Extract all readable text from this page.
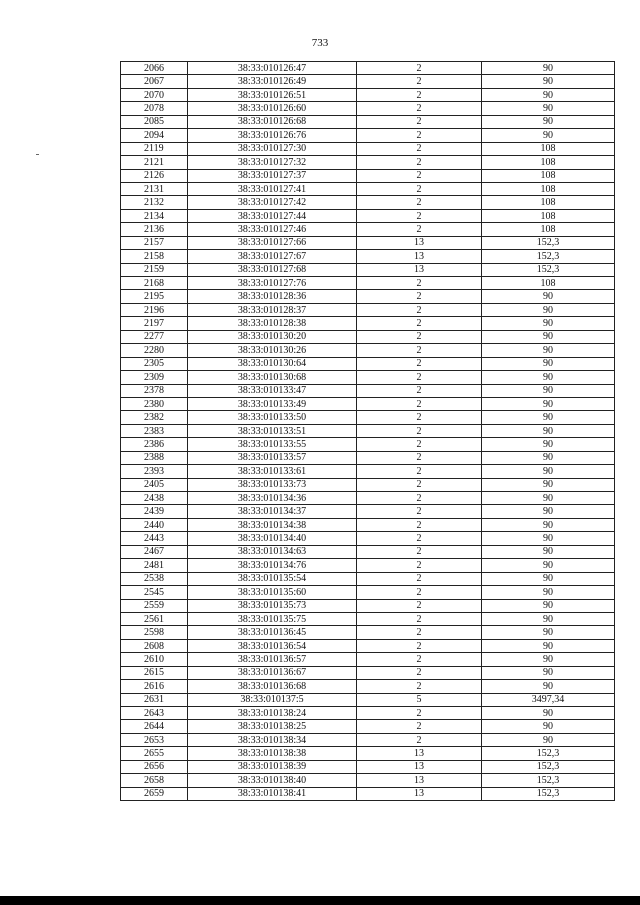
733
2066	38:33:010126:47	2	90
2067	38:33:010126:49	2	90
2070	38:33:010126:51	2	90
2078	38:33:010126:60	2	90
2085	38:33:010126:68	2	90
2094	38:33:010126:76	2	90
2119	38:33:010127:30	2	108
2121	38:33:010127:32	2	108
2126	38:33:010127:37	2	108
2131	38:33:010127:41	2	108
2132	38:33:010127:42	2	108
2134	38:33:010127:44	2	108
2136	38:33:010127:46	2	108
2157	38:33:010127:66	13	152,3
2158	38:33:010127:67	13	152,3
2159	38:33:010127:68	13	152,3
2168	38:33:010127:76	2	108
2195	38:33:010128:36	2	90
2196	38:33:010128:37	2	90
2197	38:33:010128:38	2	90
2277	38:33:010130:20	2	90
2280	38:33:010130:26	2	90
2305	38:33:010130:64	2	90
2309	38:33:010130:68	2	90
2378	38:33:010133:47	2	90
2380	38:33:010133:49	2	90
2382	38:33:010133:50	2	90
2383	38:33:010133:51	2	90
2386	38:33:010133:55	2	90
2388	38:33:010133:57	2	90
2393	38:33:010133:61	2	90
2405	38:33:010133:73	2	90
2438	38:33:010134:36	2	90
2439	38:33:010134:37	2	90
2440	38:33:010134:38	2	90
2443	38:33:010134:40	2	90
2467	38:33:010134:63	2	90
2481	38:33:010134:76	2	90
2538	38:33:010135:54	2	90
2545	38:33:010135:60	2	90
2559	38:33:010135:73	2	90
2561	38:33:010135:75	2	90
2598	38:33:010136:45	2	90
2608	38:33:010136:54	2	90
2610	38:33:010136:57	2	90
2615	38:33:010136:67	2	90
2616	38:33:010136:68	2	90
2631	38:33:010137:5	5	3497,34
2643	38:33:010138:24	2	90
2644	38:33:010138:25	2	90
2653	38:33:010138:34	2	90
2655	38:33:010138:38	13	152,3
2656	38:33:010138:39	13	152,3
2658	38:33:010138:40	13	152,3
2659	38:33:010138:41	13	152,3
